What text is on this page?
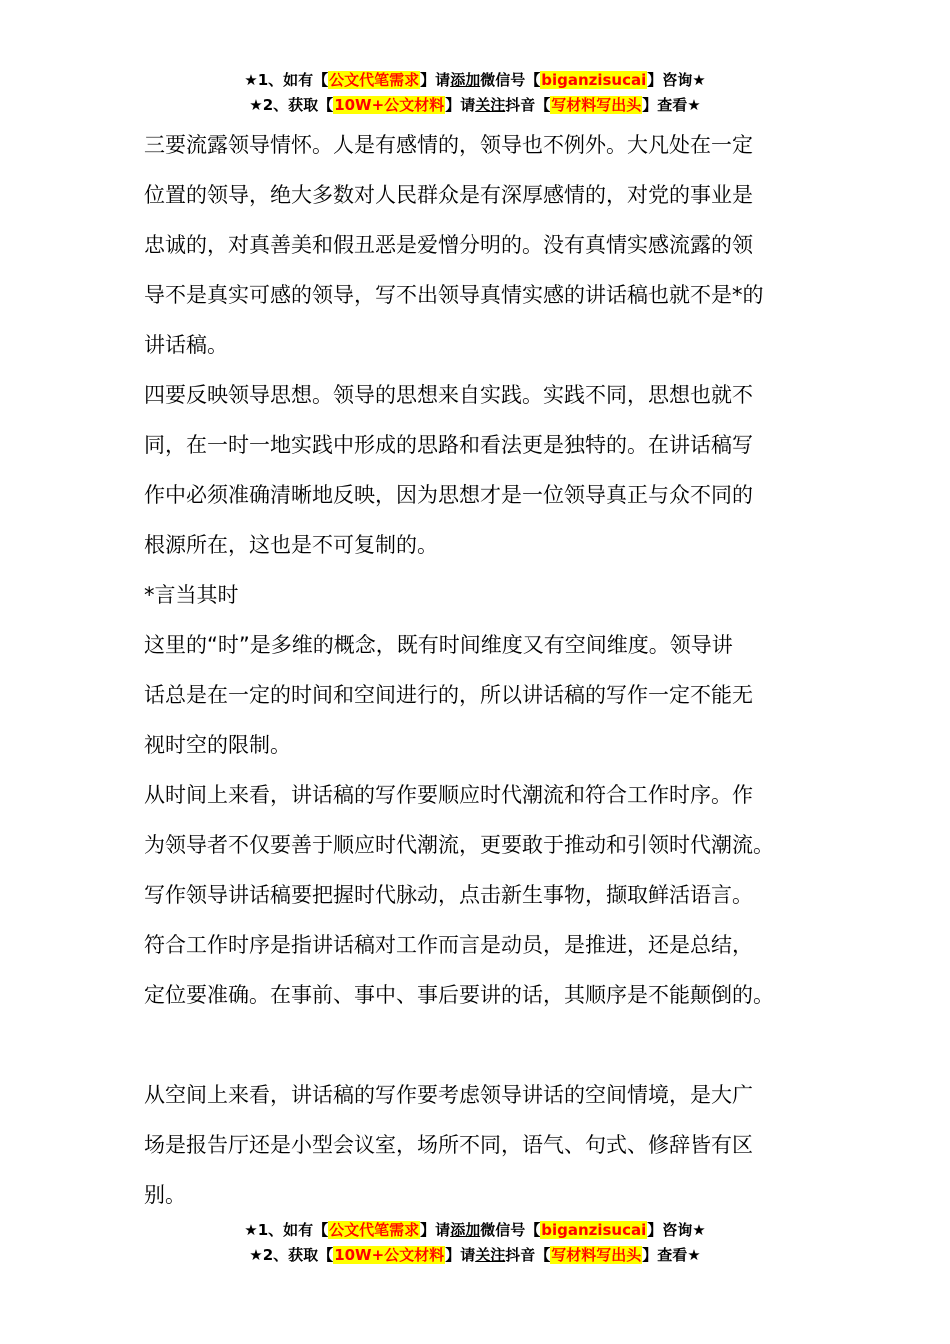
★1、如有【公文代笔需求】请添加微信号【biganzisucai】咨询★
★2、获取【10W+公文材料】请关注抖音【写材料写出头】查看★

三要流露领导情怀。人是有感情的，领导也不例外。大凡处在一定
位置的领导，绝大多数对人民群众是有深厚感情的，对党的事业是
忠诚的，对真善美和假丑恶是爱憎分明的。没有真情实感流露的领
导不是真实可感的领导，写不出领导真情实感的讲话稿也就不是*的
讲话稿。

四要反映领导思想。领导的思想来自实践。实践不同，思想也就不
同，在一时一地实践中形成的思路和看法更是独特的。在讲话稿写
作中必须准确清晰地反映，因为思想才是一位领导真正与众不同的
根源所在，这也是不可复制的。

*言当其时

这里的“时”是多维的概念，既有时间维度又有空间维度。领导讲
话总是在一定的时间和空间进行的，所以讲话稿的写作一定不能无
视时空的限制。

从时间上来看，讲话稿的写作要顺应时代潮流和符合工作时序。作
为领导者不仅要善于顺应时代潮流，更要敢于推动和引领时代潮流。
写作领导讲话稿要把握时代脉动，点击新生事物，撷取鲜活语言。
符合工作时序是指讲话稿对工作而言是动员，是推进，还是总结，
定位要准确。在事前、事中、事后要讲的话，其顺序是不能颠倒的。

从空间上来看，讲话稿的写作要考虑领导讲话的空间情境，是大广
场是报告厅还是小型会议室，场所不同，语气、句式、修辞皆有区
别。

★1、如有【公文代笔需求】请添加微信号【biganzisucai】咨询★
★2、获取【10W+公文材料】请关注抖音【写材料写出头】查看★
